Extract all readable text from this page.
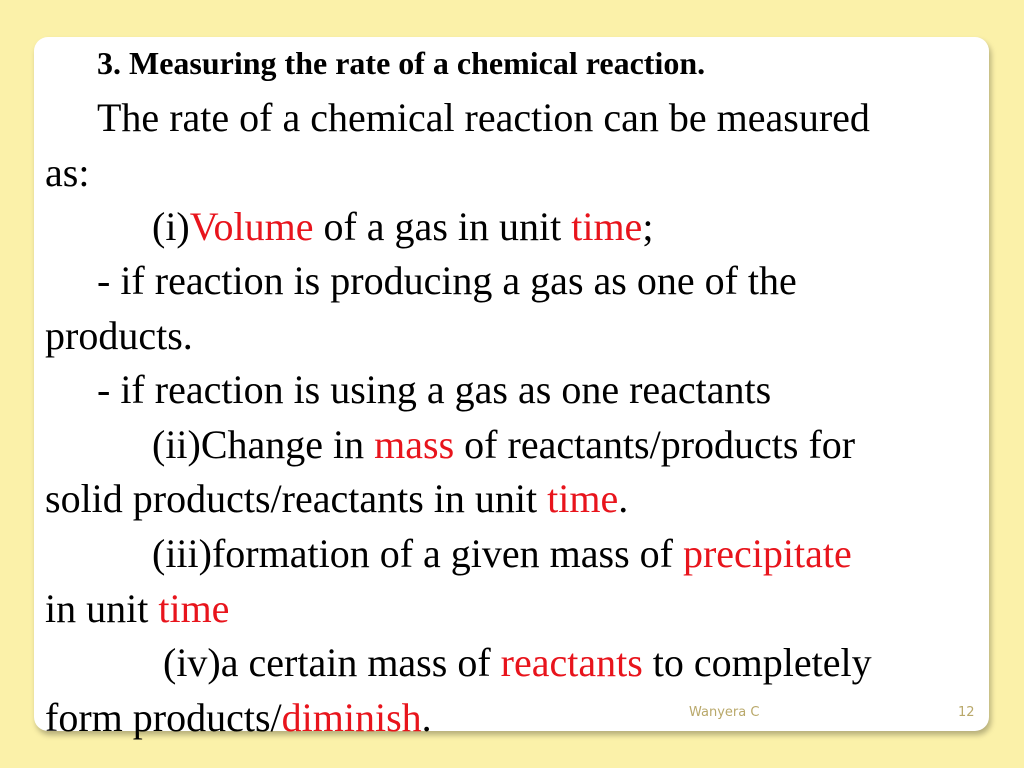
3. Measuring the rate of a chemical reaction.
The rate of a chemical reaction can be measured
as:
(i)Volume of a gas in unit time;
- if reaction is producing a gas as one of the
products.
- if reaction is using a gas as one reactants
(ii)Change in mass of reactants/products for
solid products/reactants in unit time.
(iii)formation of a given mass of precipitate
in unit time
(iv)a certain mass of reactants to completely
form products/diminish.	Wanyera C	12
